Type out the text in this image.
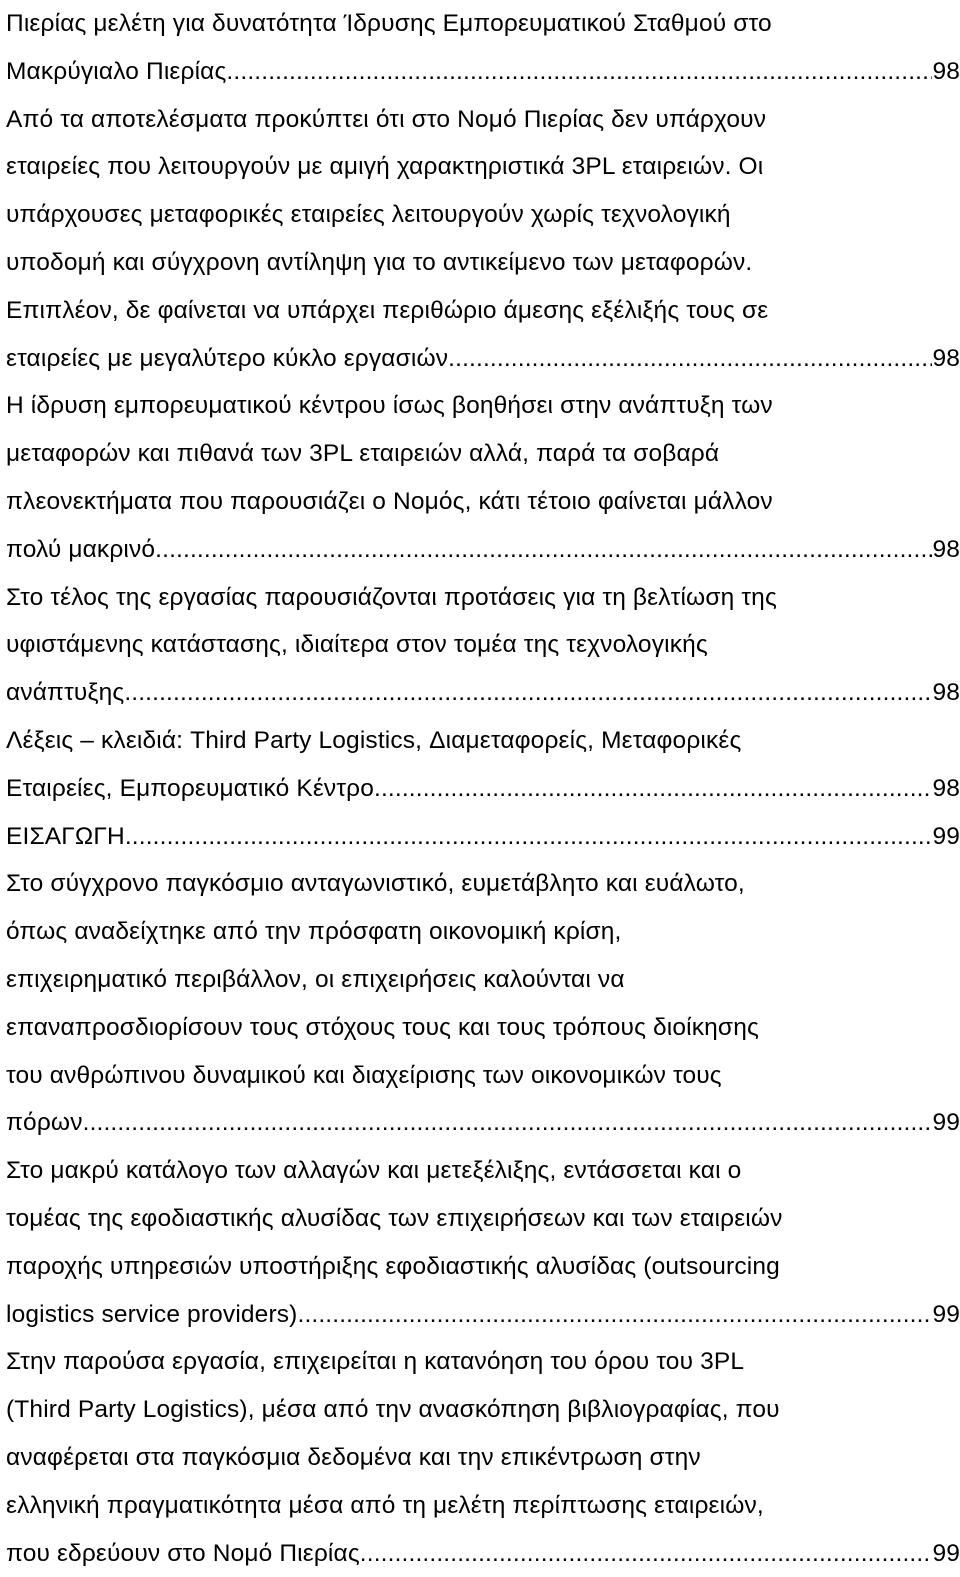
Πιερίας μελέτη για δυνατότητα Ίδρυσης Εμπορευματικού Σταθμού στο
Μακρύγιαλο Πιερίας. .....	98
Από τα αποτελέσματα προκύπτει ότι στο Νομό Πιερίας δεν υπάρχουν
εταιρείες που λειτουργούν με αμιγή χαρακτηριστικά 3PL εταιρειών. Οι
υπάρχουσες μεταφορικές εταιρείες λειτουργούν χωρίς τεχνολογική
υποδομή και σύγχρονη αντίληψη για το αντικείμενο των μεταφορών.
Επιπλέον, δε φαίνεται να υπάρχει περιθώριο άμεσης εξέλιξής τους σε
εταιρείες με μεγαλύτερο κύκλο εργασιών. .....	98
Η ίδρυση εμπορευματικού κέντρου ίσως βοηθήσει στην ανάπτυξη των
μεταφορών και πιθανά των 3PL εταιρειών αλλά, παρά τα σοβαρά
πλεονεκτήματα που παρουσιάζει ο Νομός, κάτι τέτοιο φαίνεται μάλλον
πολύ μακρινό. .....	98
Στο τέλος της εργασίας παρουσιάζονται προτάσεις για τη βελτίωση της
υφιστάμενης κατάστασης, ιδιαίτερα στον τομέα της τεχνολογικής
ανάπτυξης .....	98
Λέξεις – κλειδιά: Third Party Logistics, Διαμεταφορείς, Μεταφορικές
Εταιρείες, Εμπορευματικό Κέντρο .....	98
ΕΙΣΑΓΩΓΗ .....	99
Στο σύγχρονο παγκόσμιο ανταγωνιστικό, ευμετάβλητο και ευάλωτο,
όπως αναδείχτηκε από την πρόσφατη οικονομική κρίση,
επιχειρηματικό περιβάλλον, οι επιχειρήσεις καλούνται να
επαναπροσδιορίσουν τους στόχους τους και τους τρόπους διοίκησης
του ανθρώπινου δυναμικού και διαχείρισης των οικονομικών τους
πόρων .....	99
Στο μακρύ κατάλογο των αλλαγών και μετεξέλιξης, εντάσσεται και ο
τομέας της εφοδιαστικής αλυσίδας των επιχειρήσεων και των εταιρειών
παροχής υπηρεσιών υποστήριξης εφοδιαστικής αλυσίδας (outsourcing
logistics service providers). .....	99
Στην παρούσα εργασία, επιχειρείται η κατανόηση του όρου του 3PL
(Third Party Logistics), μέσα από την ανασκόπηση βιβλιογραφίας, που
αναφέρεται στα παγκόσμια δεδομένα και την επικέντρωση στην
ελληνική πραγματικότητα μέσα από τη μελέτη περίπτωσης εταιρειών,
που εδρεύουν στο Νομό Πιερίας. .....	99
